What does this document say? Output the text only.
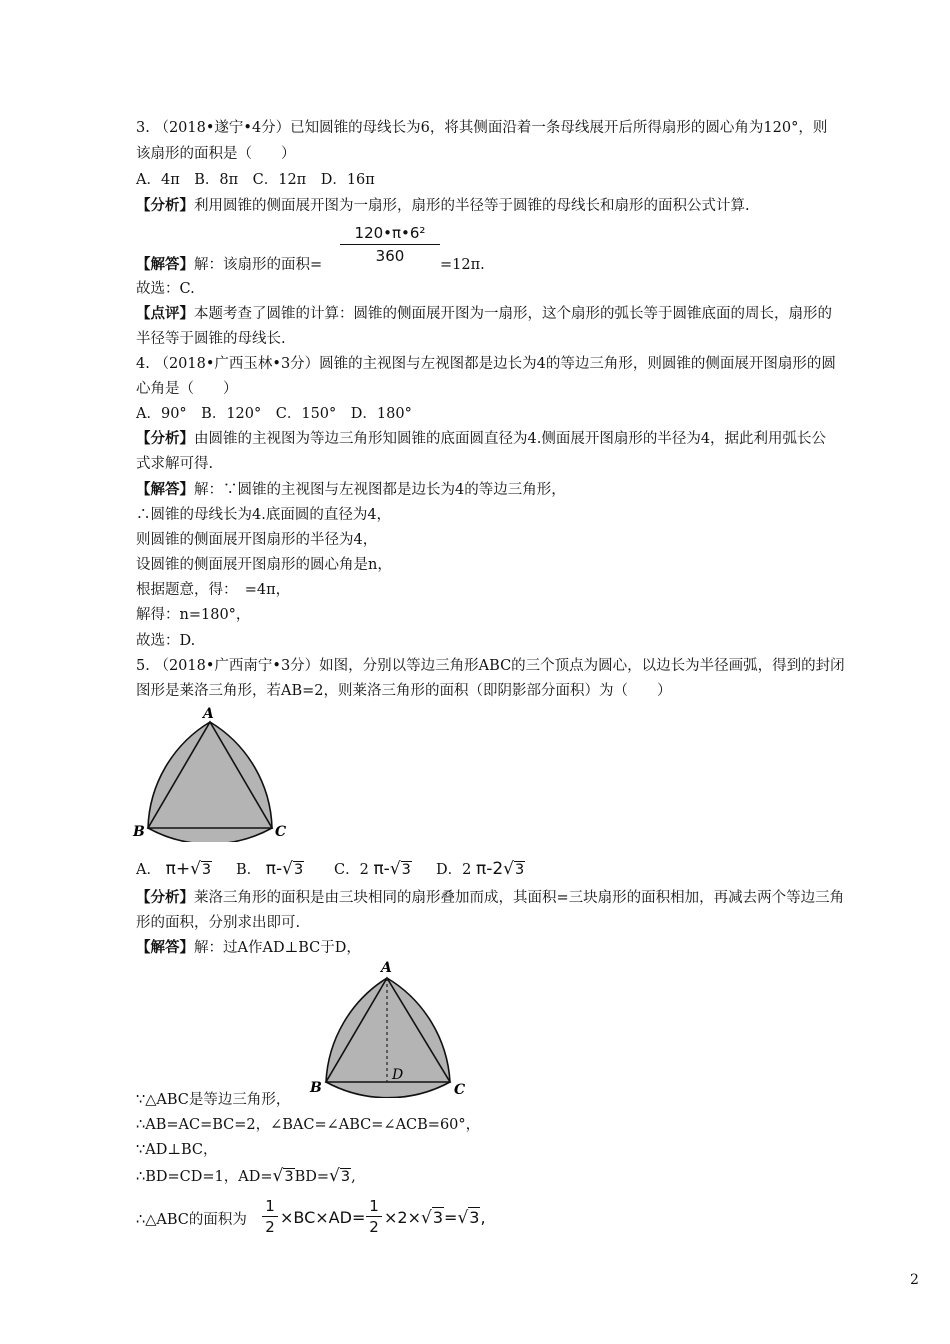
3. （2018•遂宁•4分）已知圆锥的母线长为6，将其侧面沿着一条母线展开后所得扇形的圆心角为120°，则
该扇形的面积是（　　）
A．4π　B．8π　C．12π　D．16π
【分析】利用圆锥的侧面展开图为一扇形，扇形的半径等于圆锥的母线长和扇形的面积公式计算.
【解答】解：该扇形的面积= $\frac{\text{120•π•6²}}{360} =12\pi$.
故选：C.
【点评】本题考查了圆锥的计算：圆锥的侧面展开图为一扇形，这个扇形的弧长等于圆锥底面的周长，扇形的
半径等于圆锥的母线长.
4. （2018•广西玉林•3分）圆锥的主视图与左视图都是边长为4的等边三角形，则圆锥的侧面展开图扇形的圆
心角是（　　）
A．90°　B．120°　C．150°　D．180°
【分析】由圆锥的主视图为等边三角形知圆锥的底面圆直径为4.侧面展开图扇形的半径为4，据此利用弧长公
式求解可得.
【解答】解：∵圆锥的主视图与左视图都是边长为4的等边三角形，
∴圆锥的母线长为4.底面圆的直径为4，
则圆锥的侧面展开图扇形的半径为4，
设圆锥的侧面展开图扇形的圆心角是n，
根据题意，得：　=4π，
解得：n=180°，
故选：D.
5. （2018•广西南宁•3分）如图，分别以等边三角形ABC的三个顶点为圆心，以边长为半径画弧，得到的封闭
图形是莱洛三角形，若AB=2，则莱洛三角形的面积（即阴影部分面积）为（　　）
A
B	C
A． π+√3 B． π-√3 C．2 π-√3 D．2 π-2√3
【分析】莱洛三角形的面积是由三块相同的扇形叠加而成，其面积=三块扇形的面积相加，再减去两个等边三角
形的面积，分别求出即可.
【解答】解：过A作AD⊥BC于D，
A
D
B	C
∵△ABC是等边三角形，
∴AB=AC=BC=2，∠BAC=∠ABC=∠ACB=60°，
∵AD⊥BC，
∴BD=CD=1，AD=√3BD=√3,
∴△ABC的面积为 $\frac{1}{2} \times BC\times AD= \frac{1}{2} \times 2\times√3=√3$,
2
